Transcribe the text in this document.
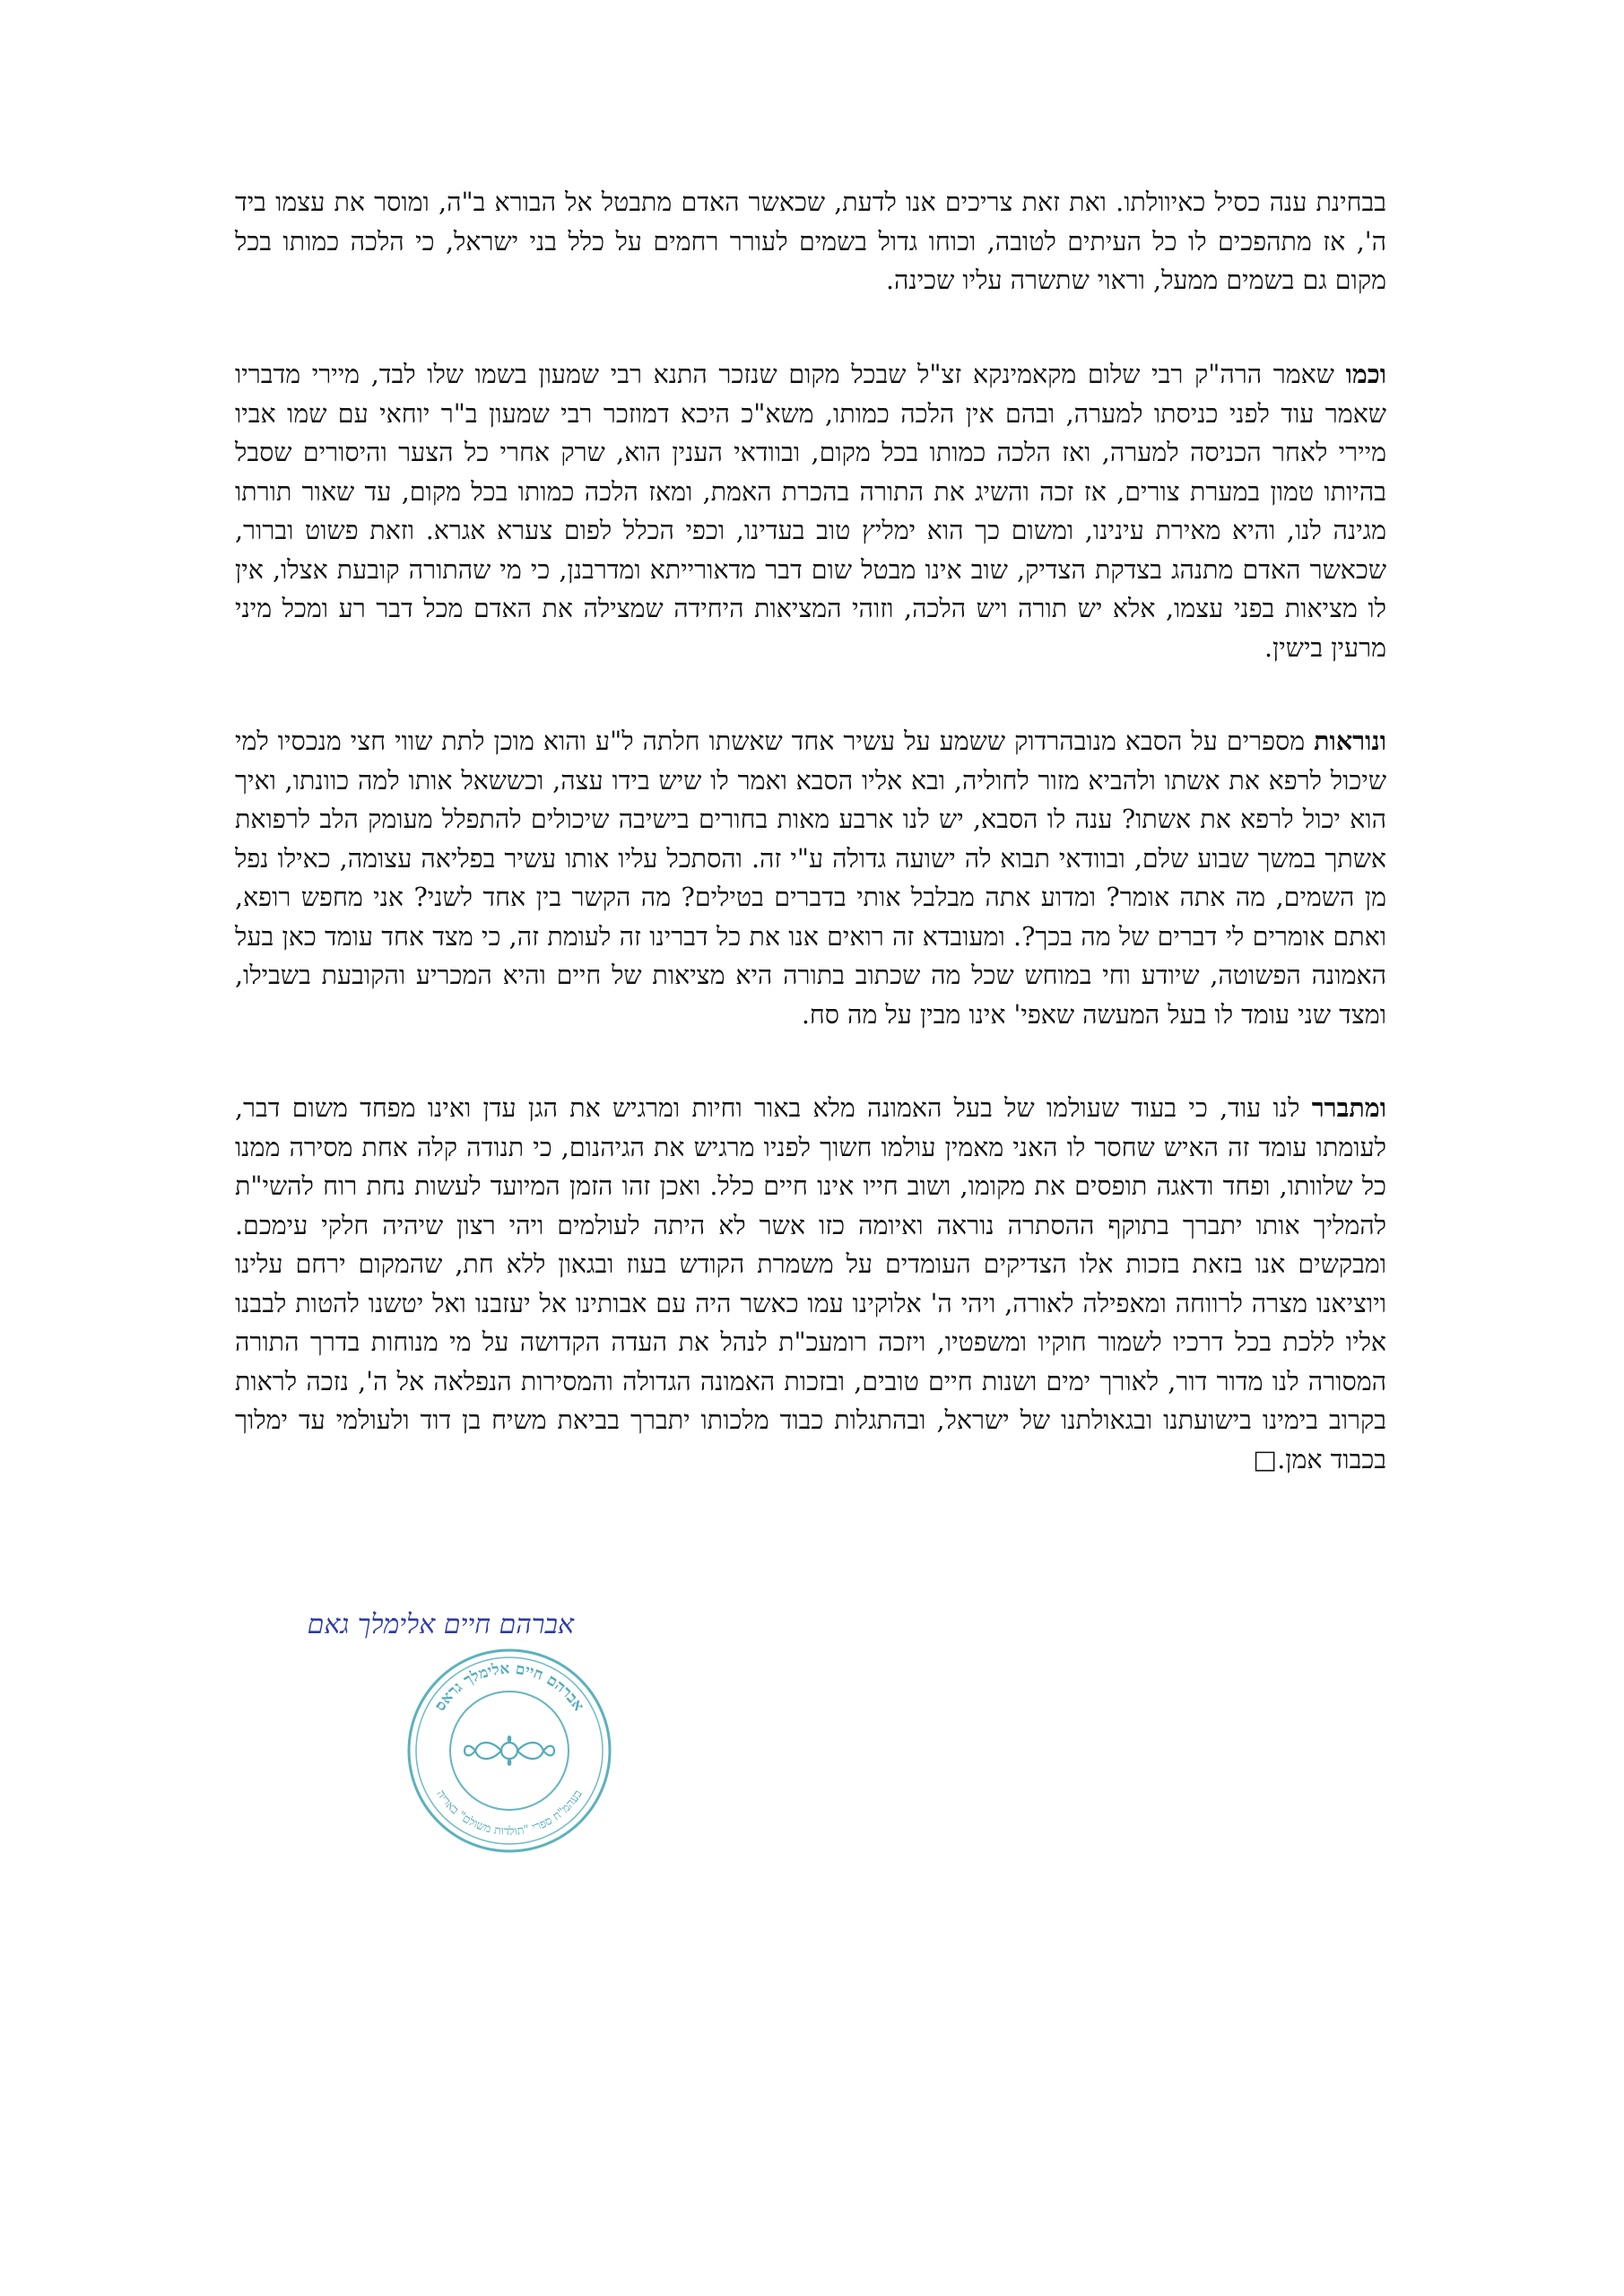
בבחינת ענה כסיל כאיוולתו. ואת זאת צריכים אנו לדעת, שכאשר האדם מתבטל אל הבורא ב"ה, ומוסר את עצמו ביד ה', אז מתהפכים לו כל העיתים לטובה, וכוחו גדול בשמים לעורר רחמים על כלל בני ישראל, כי הלכה כמותו בכל מקום גם בשמים ממעל, וראוי שתשרה עליו שכינה.
וכמו שאמר הרה"ק רבי שלום מקאמינקא זצ"ל שבכל מקום שנזכר התנא רבי שמעון בשמו שלו לבד, מיירי מדבריו שאמר עוד לפני כניסתו למערה, ובהם אין הלכה כמותו, משא"כ היכא דמוזכר רבי שמעון ב"ר יוחאי עם שמו אביו מיירי לאחר הכניסה למערה, ואז הלכה כמותו בכל מקום, ובוודאי הענין הוא, שרק אחרי כל הצער והיסורים שסבל בהיותו טמון במערת צורים, אז זכה והשיג את התורה בהכרת האמת, ומאז הלכה כמותו בכל מקום, עד שאור תורתו מגינה לנו, והיא מאירת עינינו, ומשום כך הוא ימליץ טוב בעדינו, וכפי הכלל לפום צערא אגרא. וזאת פשוט וברור, שכאשר האדם מתנהג בצדקת הצדיק, שוב אינו מבטל שום דבר מדאורייתא ומדרבנן, כי מי שהתורה קובעת אצלו, אין לו מציאות בפני עצמו, אלא יש תורה ויש הלכה, וזוהי המציאות היחידה שמצילה את האדם מכל דבר רע ומכל מיני מרעין בישין.
ונוראות מספרים על הסבא מנובהרדוק ששמע על עשיר אחד שאשתו חלתה ל"ע והוא מוכן לתת שווי חצי מנכסיו למי שיכול לרפא את אשתו ולהביא מזור לחוליה, ובא אליו הסבא ואמר לו שיש בידו עצה, וכששאל אותו למה כוונתו, ואיך הוא יכול לרפא את אשתו? ענה לו הסבא, יש לנו ארבע מאות בחורים בישיבה שיכולים להתפלל מעומק הלב לרפואת אשתך במשך שבוע שלם, ובוודאי תבוא לה ישועה גדולה ע"י זה. והסתכל עליו אותו עשיר בפליאה עצומה, כאילו נפל מן השמים, מה אתה אומר? ומדוע אתה מבלבל אותי בדברים בטילים? מה הקשר בין אחד לשני? אני מחפש רופא, ואתם אומרים לי דברים של מה בכך?. ומעובדא זה רואים אנו את כל דברינו זה לעומת זה, כי מצד אחד עומד כאן בעל האמונה הפשוטה, שיודע וחי במוחש שכל מה שכתוב בתורה היא מציאות של חיים והיא המכריע והקובעת בשבילו, ומצד שני עומד לו בעל המעשה שאפי' אינו מבין על מה סח.
ומתברר לנו עוד, כי בעוד שעולמו של בעל האמונה מלא באור וחיות ומרגיש את הגן עדן ואינו מפחד משום דבר, לעומתו עומד זה האיש שחסר לו האני מאמין עולמו חשוך לפניו מרגיש את הגיהנום, כי תנודה קלה אחת מסירה ממנו כל שלוותו, ופחד ודאגה תופסים את מקומו, ושוב חייו אינו חיים כלל. ואכן זהו הזמן המיועד לעשות נחת רוח להשי"ת להמליך אותו יתברך בתוקף ההסתרה נוראה ואיומה כזו אשר לא היתה לעולמים ויהי רצון שיהיה חלקי עימכם. ומבקשים אנו בזאת בזכות אלו הצדיקים העומדים על משמרת הקודש בעוז ובגאון ללא חת, שהמקום ירחם עלינו ויוציאנו מצרה לרווחה ומאפילה לאורה, ויהי ה' אלוקינו עמו כאשר היה עם אבותינו אל יעזבנו ואל יטשנו להטות לבבנו אליו ללכת בכל דרכיו לשמור חוקיו ומשפטיו, ויזכה רומעכ"ת לנהל את העדה הקדושה על מי מנוחות בדרך התורה המסורה לנו מדור דור, לאורך ימים ושנות חיים טובים, ובזכות האמונה הגדולה והמסירות הנפלאה אל ה', נזכה לראות בקרוב בימינו בישועתנו ובגאולתנו של ישראל, ובהתגלות כבוד מלכותו יתברך בביאת משיח בן דוד ולעולמי עד ימלוך בכבוד אמן.□
אברהם חיים אלימלך גאם
אברהם חיים אלימלך גראס
בעהמ"ח ספרי "תולדות משולם" באריה
